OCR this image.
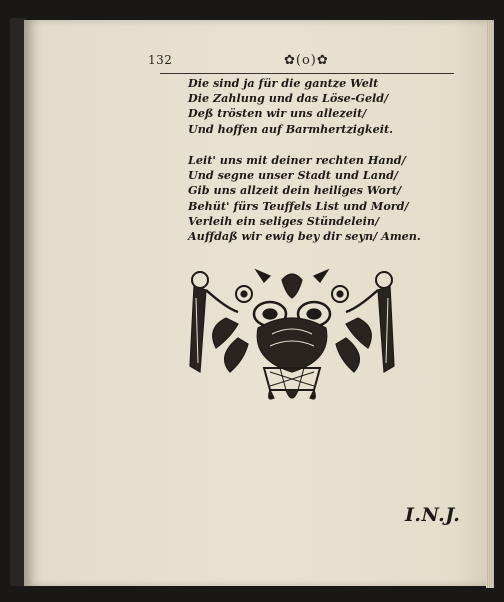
132	✿(o)✿
Die sind ja für die gantze Welt
Die Zahlung und das Löse-Geld/
Deß trösten wir uns allezeit/
Und hoffen auf Barmhertzigkeit.
Leit' uns mit deiner rechten Hand/
Und segne unser Stadt und Land/
Gib uns allzeit dein heiliges Wort/
Behüt' fürs Teuffels List und Mord/
Verleih ein seliges Stündelein/
Auffdaß wir ewig bey dir seyn/ Amen.
I.N.J.
